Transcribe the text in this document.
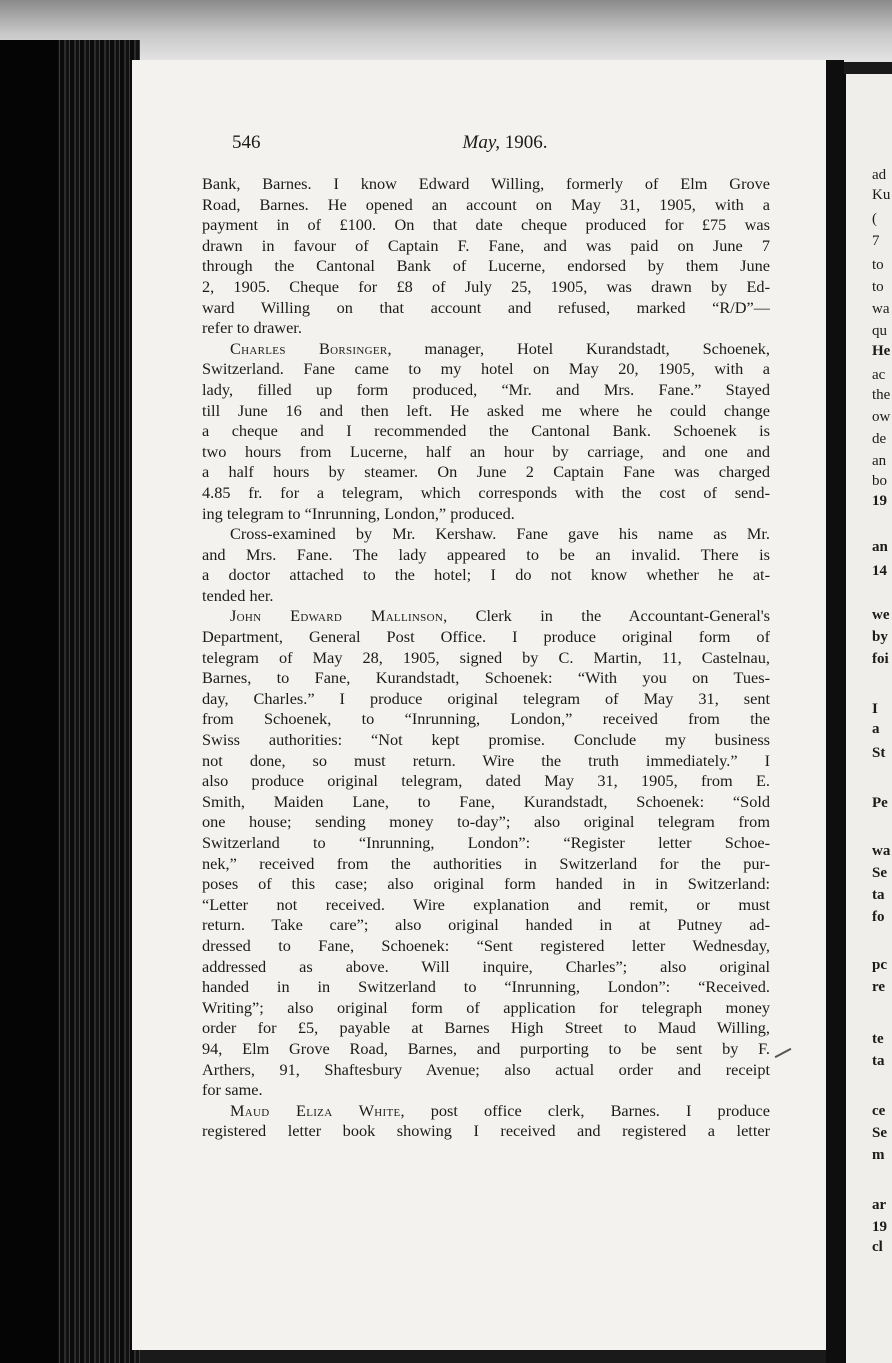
ad
Ku
(
7
to
to
wa
qu
He
ac
the
ow
de
an
bo
19
an
14
we
by
foi
I
a
St
Pe
wa
Se
ta
fo
pc
re
te
ta
ce
Se
m
ar
19
cl
546	May, 1906.
Bank, Barnes. I know Edward Willing, formerly of Elm Grove
Road, Barnes. He opened an account on May 31, 1905, with a
payment in of £100. On that date cheque produced for £75 was
drawn in favour of Captain F. Fane, and was paid on June 7
through the Cantonal Bank of Lucerne, endorsed by them June
2, 1905. Cheque for £8 of July 25, 1905, was drawn by Ed-
ward Willing on that account and refused, marked “R/D”—
refer to drawer.
Charles Borsinger, manager, Hotel Kurandstadt, Schoenek,
Switzerland. Fane came to my hotel on May 20, 1905, with a
lady, filled up form produced, “Mr. and Mrs. Fane.” Stayed
till June 16 and then left. He asked me where he could change
a cheque and I recommended the Cantonal Bank. Schoenek is
two hours from Lucerne, half an hour by carriage, and one and
a half hours by steamer. On June 2 Captain Fane was charged
4.85 fr. for a telegram, which corresponds with the cost of send-
ing telegram to “Inrunning, London,” produced.
Cross-examined by Mr. Kershaw. Fane gave his name as Mr.
and Mrs. Fane. The lady appeared to be an invalid. There is
a doctor attached to the hotel; I do not know whether he at-
tended her.
John Edward Mallinson, Clerk in the Accountant-General's
Department, General Post Office. I produce original form of
telegram of May 28, 1905, signed by C. Martin, 11, Castelnau,
Barnes, to Fane, Kurandstadt, Schoenek: “With you on Tues-
day, Charles.” I produce original telegram of May 31, sent
from Schoenek, to “Inrunning, London,” received from the
Swiss authorities: “Not kept promise. Conclude my business
not done, so must return. Wire the truth immediately.” I
also produce original telegram, dated May 31, 1905, from E.
Smith, Maiden Lane, to Fane, Kurandstadt, Schoenek: “Sold
one house; sending money to-day”; also original telegram from
Switzerland to “Inrunning, London”: “Register letter Schoe-
nek,” received from the authorities in Switzerland for the pur-
poses of this case; also original form handed in in Switzerland:
“Letter not received. Wire explanation and remit, or must
return. Take care”; also original handed in at Putney ad-
dressed to Fane, Schoenek: “Sent registered letter Wednesday,
addressed as above. Will inquire, Charles”; also original
handed in in Switzerland to “Inrunning, London”: “Received.
Writing”; also original form of application for telegraph money
order for £5, payable at Barnes High Street to Maud Willing,
94, Elm Grove Road, Barnes, and purporting to be sent by F.
Arthers, 91, Shaftesbury Avenue; also actual order and receipt
for same.
Maud Eliza White, post office clerk, Barnes. I produce
registered letter book showing I received and registered a letter
